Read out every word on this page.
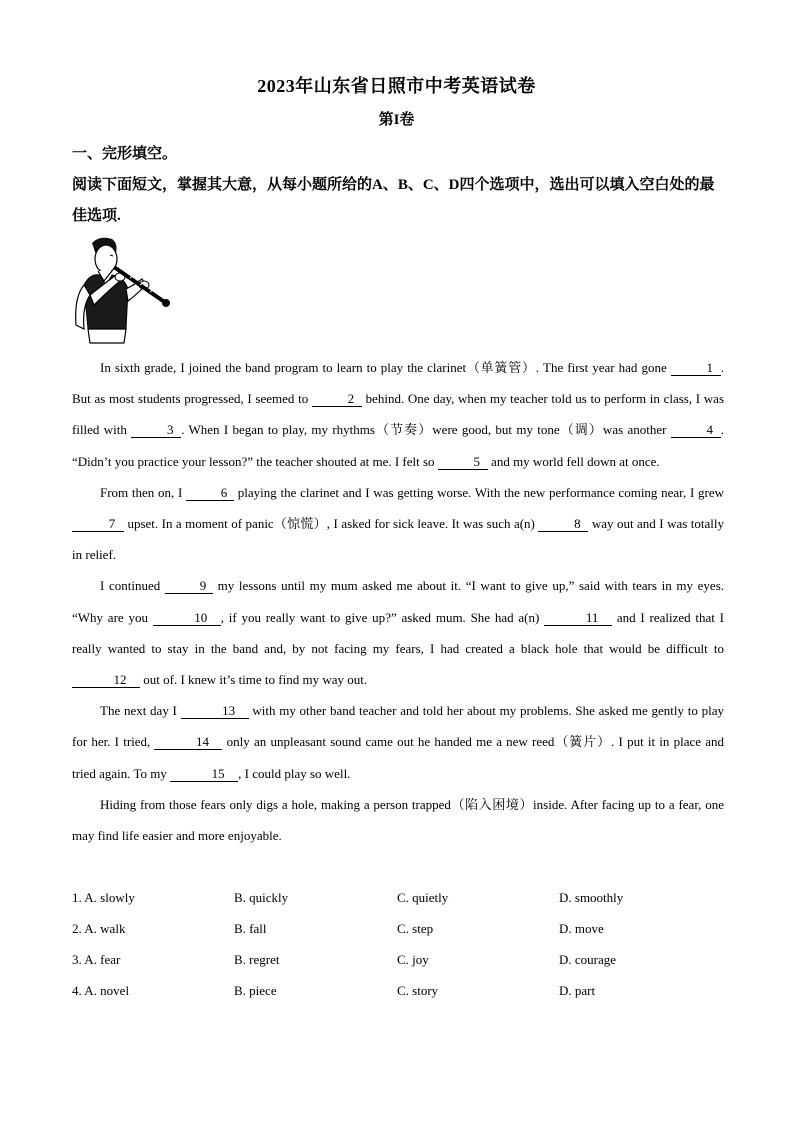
2023年山东省日照市中考英语试卷
第I卷
一、完形填空。
阅读下面短文，掌握其大意，从每小题所给的A、B、C、D四个选项中，选出可以填入空白处的最佳选项.

In sixth grade, I joined the band program to learn to play the clarinet（单簧管）. The first year had gone	1 . But as most students progressed, I seemed to	2 behind. One day, when my teacher told us to perform in class, I was filled with	3 . When I began to play, my rhythms（节奏）were good, but my tone（调）was another	4 . “Didn’t you practice your lesson?” the teacher shouted at me. I felt so	5 and my world fell down at once.

From then on, I	6 playing the clarinet and I was getting worse. With the new performance coming near, I grew 7 upset. In a moment of panic（惊慌）, I asked for sick leave. It was such a(n)	8 way out and I was totally in relief.

I continued	9 my lessons until my mum asked me about it. “I want to give up,” said with tears in my eyes. “Why are you	10 , if you really want to give up?” asked mum. She had a(n)	11 and I realized that I really wanted to stay in the band and, by not facing my fears, I had created a black hole that would be difficult to 12 out of. I knew it’s time to find my way out.

The next day I	13 with my other band teacher and told her about my problems. She asked me gently to play for her. I tried,	14 only an unpleasant sound came out he handed me a new reed（簧片）. I put it in place and tried again. To my	15 , I could play so well.

Hiding from those fears only digs a hole, making a person trapped（陷入困境）inside. After facing up to a fear, one may find life easier and more enjoyable.

1. A. slowly	B. quickly	C. quietly	D. smoothly
2. A. walk	B. fall	C. step	D. move
3. A. fear	B. regret	C. joy	D. courage
4. A. novel	B. piece	C. story	D. part
